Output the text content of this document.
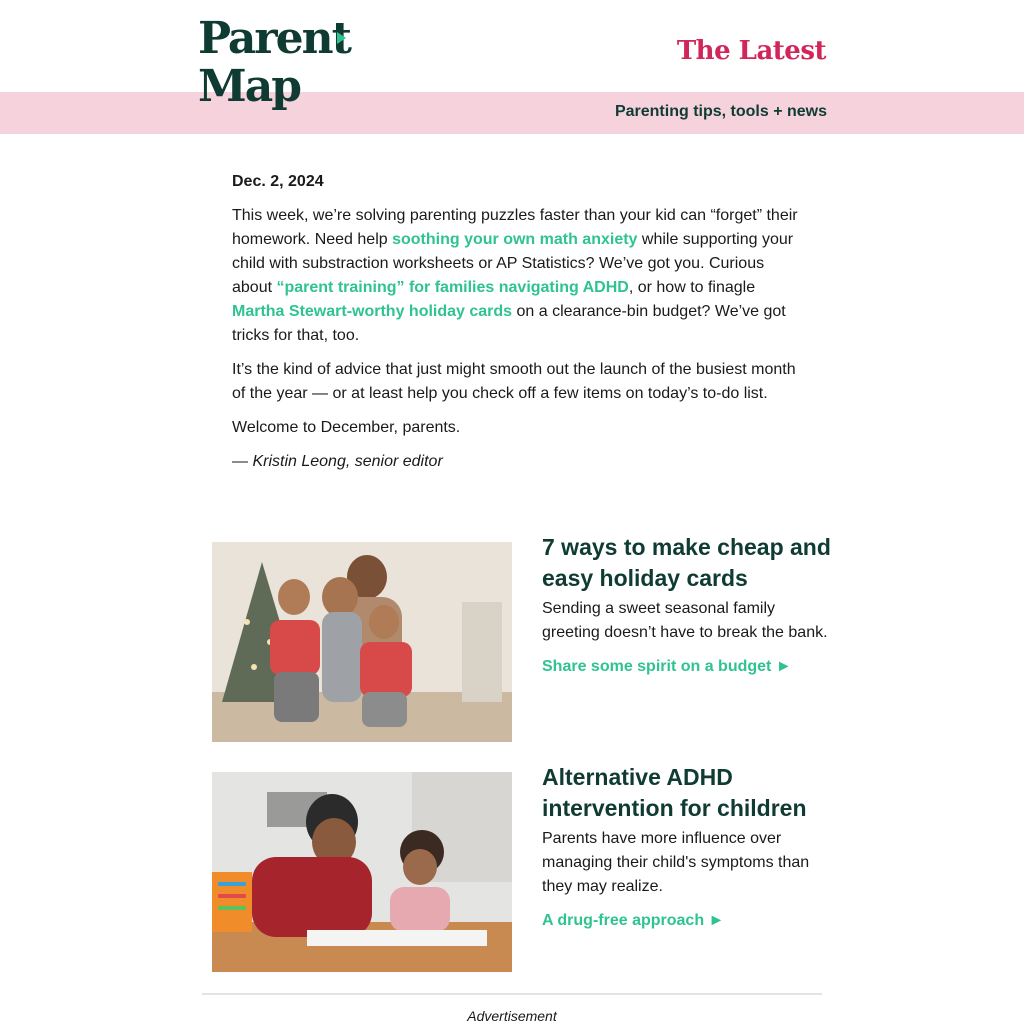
Parent
Map
The Latest
Parenting tips, tools + news
Dec. 2, 2024

This week, we’re solving parenting puzzles faster than your kid can “forget” their homework. Need help soothing your own math anxiety while supporting your child with substraction worksheets or AP Statistics? We’ve got you. Curious about “parent training” for families navigating ADHD, or how to finagle Martha Stewart-worthy holiday cards on a clearance-bin budget? We’ve got tricks for that, too.

It’s the kind of advice that just might smooth out the launch of the busiest month of the year — or at least help you check off a few items on today’s to-do list.

Welcome to December, parents.

— Kristin Leong, senior editor

7 ways to make cheap and easy holiday cards
Sending a sweet seasonal family greeting doesn’t have to break the bank.
Share some spirit on a budget ►
Alternative ADHD intervention for children
Parents have more influence over managing their child's symptoms than they may realize.
A drug-free approach ►
Advertisement
